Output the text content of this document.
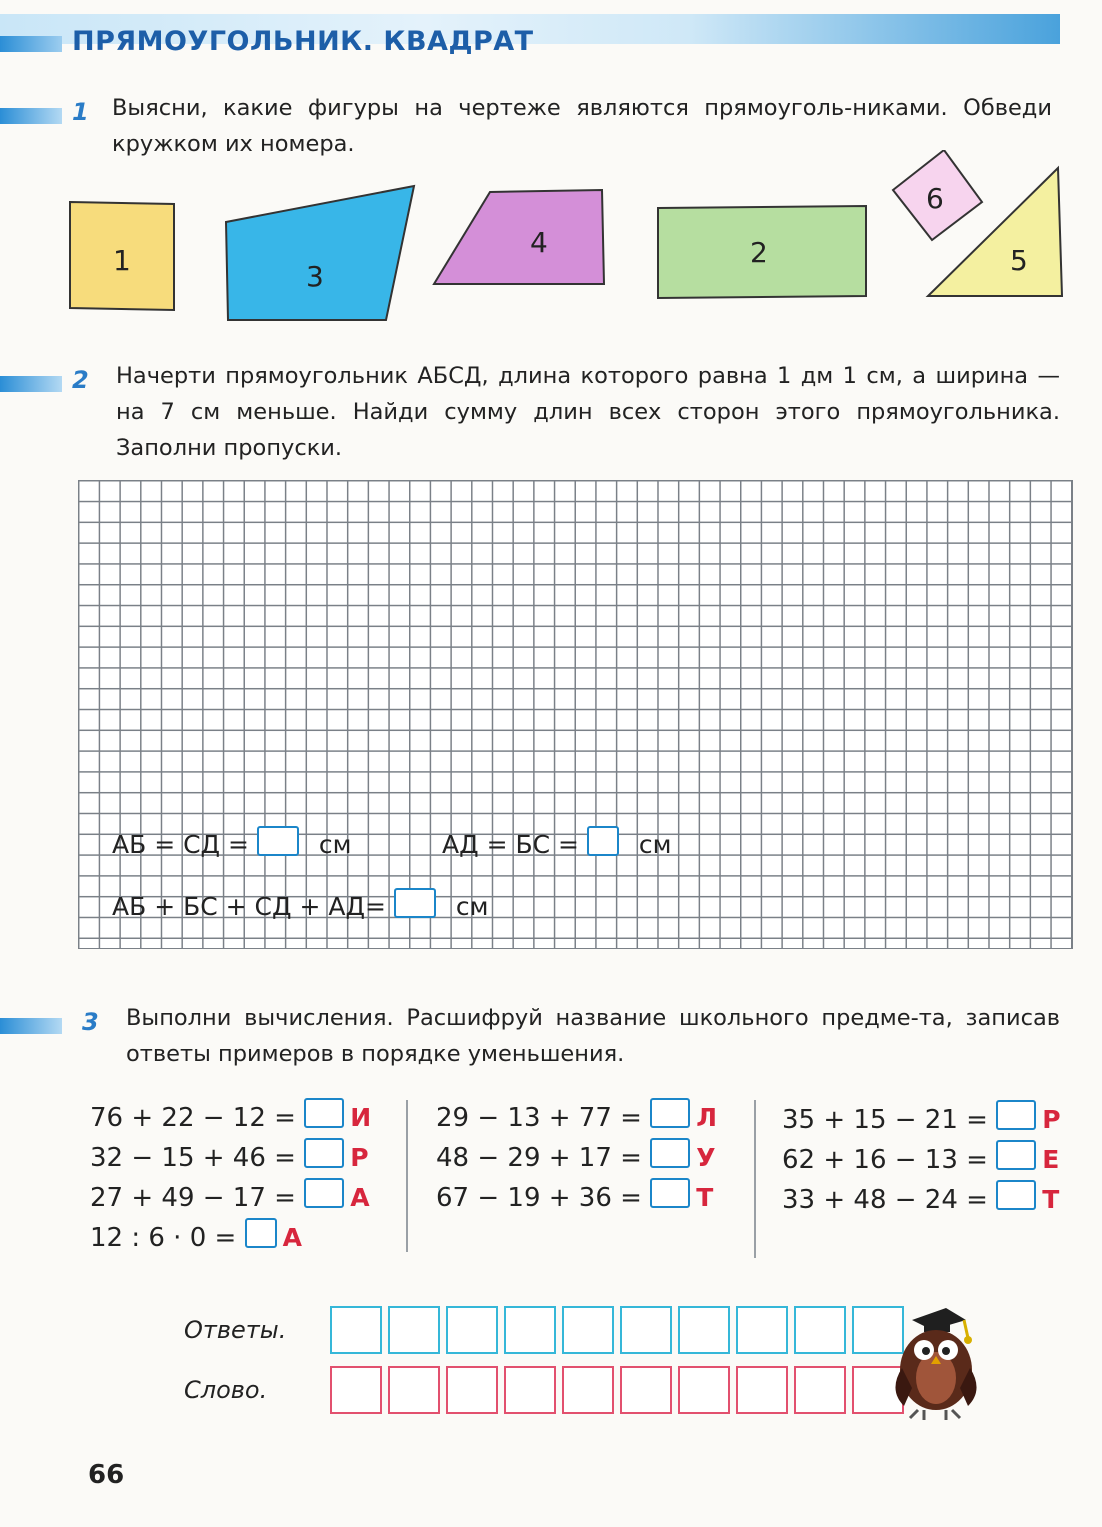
ПРЯМОУГОЛЬНИК. КВАДРАТ
1 Выясни, какие фигуры на чертеже являются прямоуголь-никами. Обведи кружком их номера.
1	3
4	2
6
5
2 Начерти прямоугольник АБСД, длина которого равна 1 дм 1 см, а ширина — на 7 см меньше. Найди сумму длин всех сторон этого прямоугольника. Заполни пропуски.
АБ = СД =	см	АД = БС = см
АБ + БС + СД + АД=	см
3 Выполни вычисления. Расшифруй название школьного предме-та, записав ответы примеров в порядке уменьшения.
76 + 22 − 12 = И
32 − 15 + 46 = Р
27 + 49 − 17 = А
12 : 6 · 0 = А
29 − 13 + 77 = Л
48 − 29 + 17 = У
67 − 19 + 36 = Т
35 + 15 − 21 = Р
62 + 16 − 13 = Е
33 + 48 − 24 = Т
Ответы.
Слово.
66
